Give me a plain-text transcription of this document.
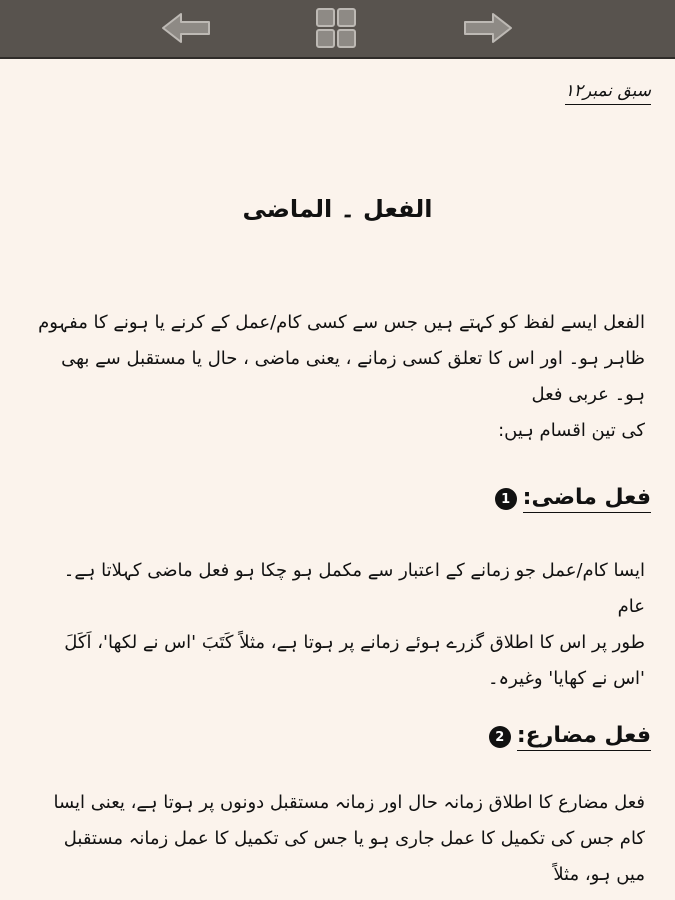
سبق نمبر١٢
الفعل ۔ الماضی
الفعل ایسے لفظ کو کہتے ہیں جس سے کسی کام/عمل کے کرنے یا ہونے کا مفہوم
ظاہر ہو۔ اور اس کا تعلق کسی زمانے ، یعنی ماضی ، حال یا مستقبل سے بھی ہو۔ عربی فعل
کی تین اقسام ہیں:
1 فعل ماضی:
ایسا کام/عمل جو زمانے کے اعتبار سے مکمل ہو چکا ہو فعل ماضی کہلاتا ہے۔ عام
طور پر اس کا اطلاق گزرے ہوئے زمانے پر ہوتا ہے، مثلاً کَتَبَ 'اس نے لکھا'، اَکَلَ
'اس نے کھایا' وغیرہ۔
2 فعل مضارع:
فعل مضارع کا اطلاق زمانہ حال اور زمانہ مستقبل دونوں پر ہوتا ہے، یعنی ایسا
کام جس کی تکمیل کا عمل جاری ہو یا جس کی تکمیل کا عمل زمانہ مستقبل میں ہو، مثلاً
